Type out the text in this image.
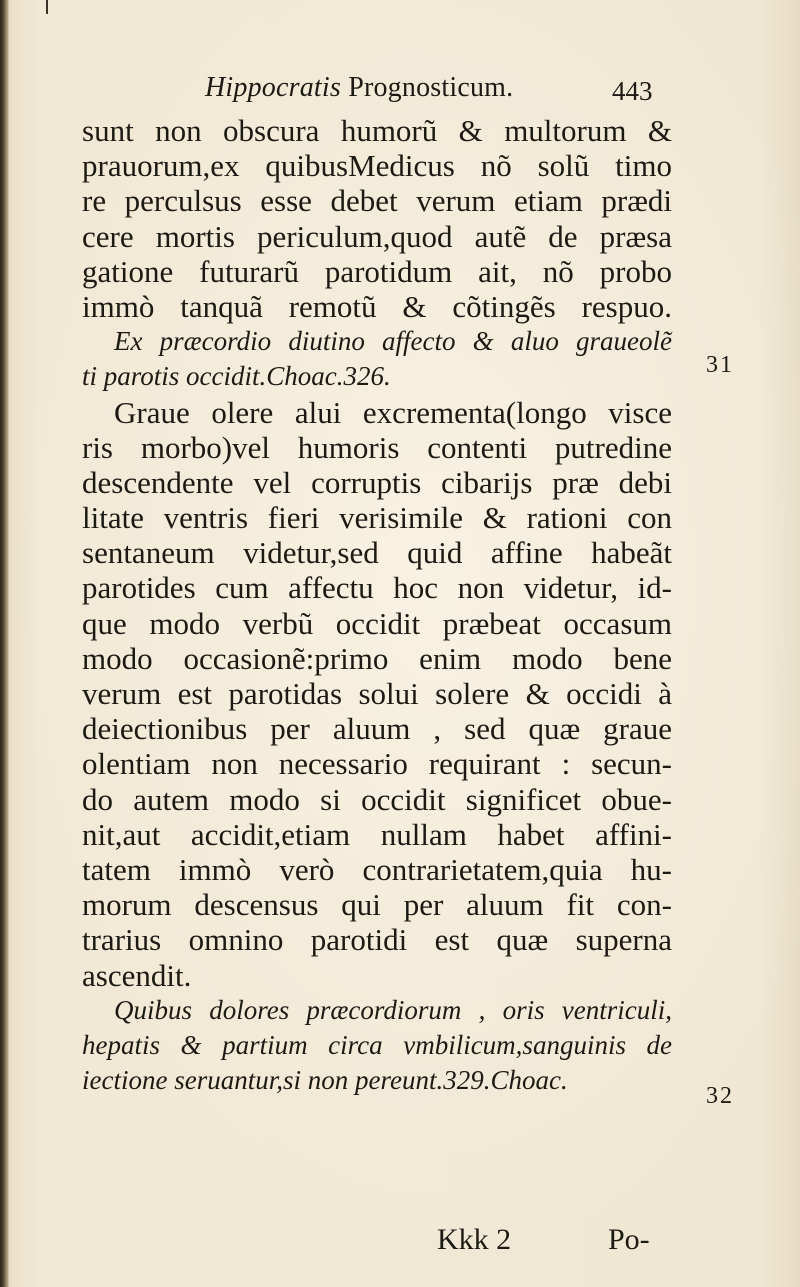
Hippocratis Prognosticum.	443
sunt non obscura humorũ & multorum &
prauorum,ex quibusMedicus nõ solũ timo
re perculsus esse debet verum etiam prædi
cere mortis periculum,quod autẽ de præsa
gatione futurarũ parotidum ait, nõ probo
immò tanquã remotũ & cõtingẽs respuo.
Ex præcordio diutino affecto & aluo graueolẽ
ti parotis occidit.Choac.326.
Graue olere alui excrementa(longo visce
ris morbo)vel humoris contenti putredine
descendente vel corruptis cibarijs præ debi
litate ventris fieri verisimile & rationi con
sentaneum videtur,sed quid affine habeãt
parotides cum affectu hoc non videtur, id-
que modo verbũ occidit præbeat occasum
modo occasionẽ:primo enim modo bene
verum est parotidas solui solere & occidi à
deiectionibus per aluum , sed quæ graue
olentiam non necessario requirant : secun-
do autem modo si occidit significet obue-
nit,aut accidit,etiam nullam habet affini-
tatem immò verò contrarietatem,quia hu-
morum descensus qui per aluum fit con-
trarius omnino parotidi est quæ superna
ascendit.
Quibus dolores præcordiorum , oris ventriculi,
hepatis & partium circa vmbilicum,sanguinis de
iectione seruantur,si non pereunt.329.Choac.
31
32
Kkk 2	Po-
